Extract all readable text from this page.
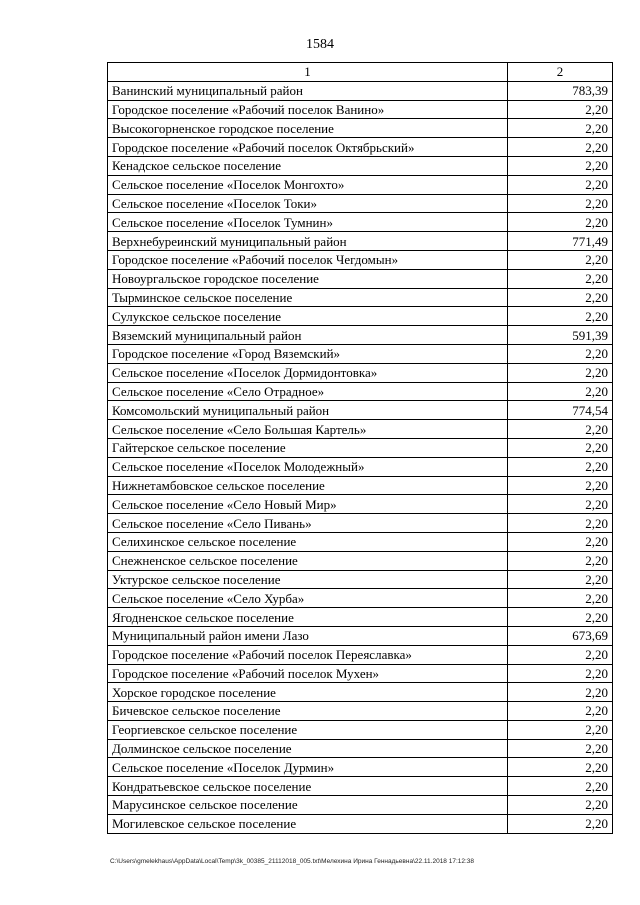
1584
1	2
Ванинский муниципальный район	783,39
Городское поселение «Рабочий поселок Ванино»	2,20
Высокогорненское городское поселение	2,20
Городское поселение «Рабочий поселок Октябрьский»	2,20
Кенадское сельское поселение	2,20
Сельское поселение «Поселок Монгохто»	2,20
Сельское поселение «Поселок Токи»	2,20
Сельское поселение «Поселок Тумнин»	2,20
Верхнебуреинский муниципальный район	771,49
Городское поселение «Рабочий поселок Чегдомын»	2,20
Новоургальское городское поселение	2,20
Тырминское сельское поселение	2,20
Сулукское сельское поселение	2,20
Вяземский муниципальный район	591,39
Городское поселение «Город Вяземский»	2,20
Сельское поселение «Поселок Дормидонтовка»	2,20
Сельское поселение «Село Отрадное»	2,20
Комсомольский муниципальный район	774,54
Сельское поселение «Село Большая Картель»	2,20
Гайтерское сельское поселение	2,20
Сельское поселение «Поселок Молодежный»	2,20
Нижнетамбовское сельское поселение	2,20
Сельское поселение «Село Новый Мир»	2,20
Сельское поселение «Село Пивань»	2,20
Селихинское сельское поселение	2,20
Снежненское сельское поселение	2,20
Уктурское сельское поселение	2,20
Сельское поселение «Село Хурба»	2,20
Ягодненское сельское поселение	2,20
Муниципальный район имени Лазо	673,69
Городское поселение «Рабочий поселок Переяславка»	2,20
Городское поселение «Рабочий поселок Мухен»	2,20
Хорское городское поселение	2,20
Бичевское сельское поселение	2,20
Георгиевское сельское поселение	2,20
Долминское сельское поселение	2,20
Сельское поселение «Поселок Дурмин»	2,20
Кондратьевское сельское поселение	2,20
Марусинское сельское поселение	2,20
Могилевское сельское поселение	2,20
C:\Users\gmelekhaus\AppData\Local\Temp\3k_00385_21112018_005.txt\Мелехина Ирина Геннадьевна\22.11.2018 17:12:38
